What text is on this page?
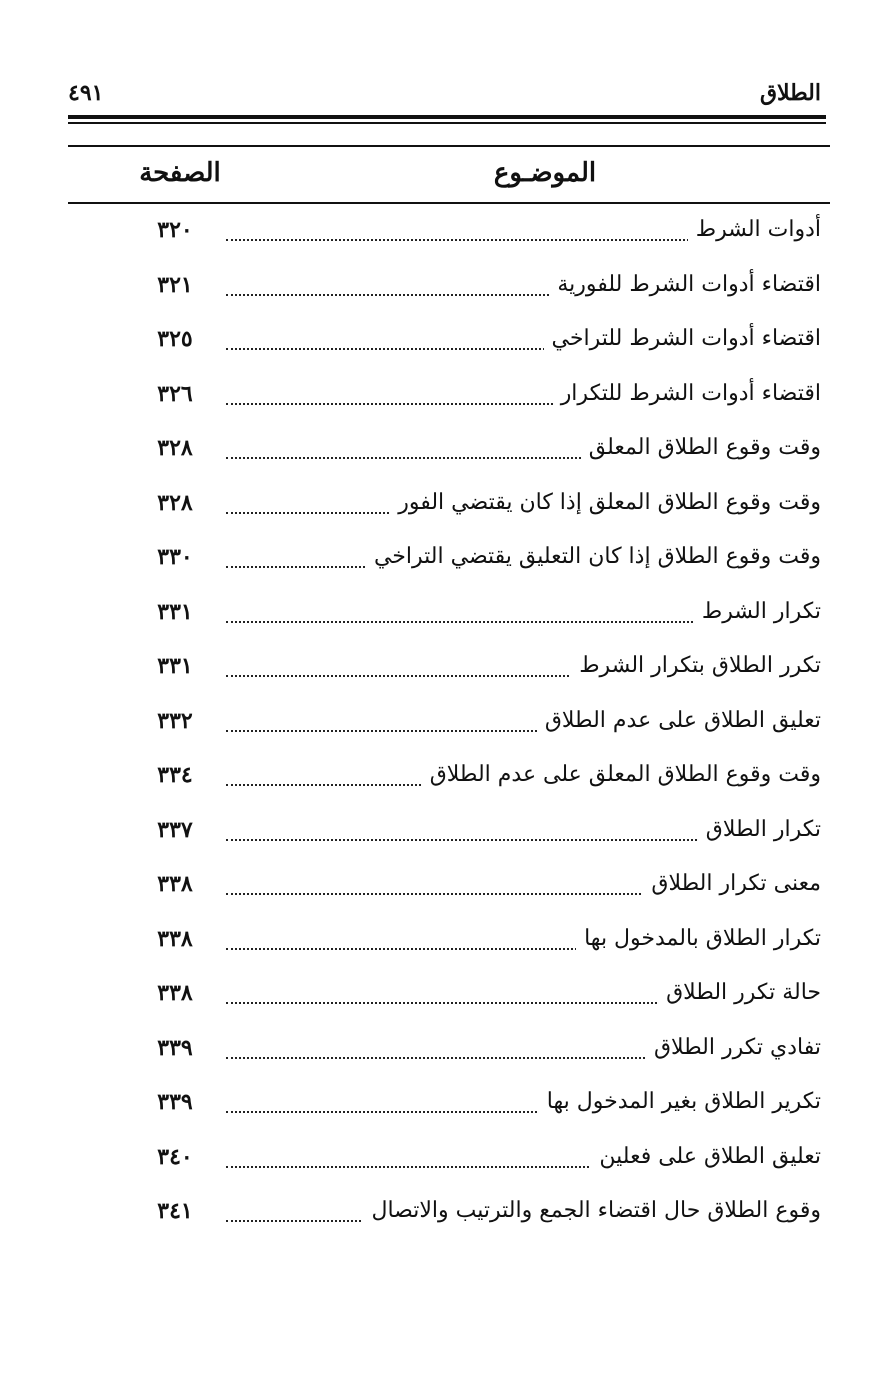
الطلاق
٤٩١
الموضـوع
الصفحة
أدوات الشرط
٣٢٠
اقتضاء أدوات الشرط للفورية
٣٢١
اقتضاء أدوات الشرط للتراخي
٣٢٥
اقتضاء أدوات الشرط للتكرار
٣٢٦
وقت وقوع الطلاق المعلق
٣٢٨
وقت وقوع الطلاق المعلق إذا كان يقتضي الفور
٣٢٨
وقت وقوع الطلاق إذا كان التعليق يقتضي التراخي
٣٣٠
تكرار الشرط
٣٣١
تكرر الطلاق بتكرار الشرط
٣٣١
تعليق الطلاق على عدم الطلاق
٣٣٢
وقت وقوع الطلاق المعلق على عدم الطلاق
٣٣٤
تكرار الطلاق
٣٣٧
معنى تكرار الطلاق
٣٣٨
تكرار الطلاق بالمدخول بها
٣٣٨
حالة تكرر الطلاق
٣٣٨
تفادي تكرر الطلاق
٣٣٩
تكرير الطلاق بغير المدخول بها
٣٣٩
تعليق الطلاق على فعلين
٣٤٠
وقوع الطلاق حال اقتضاء الجمع والترتيب والاتصال
٣٤١
